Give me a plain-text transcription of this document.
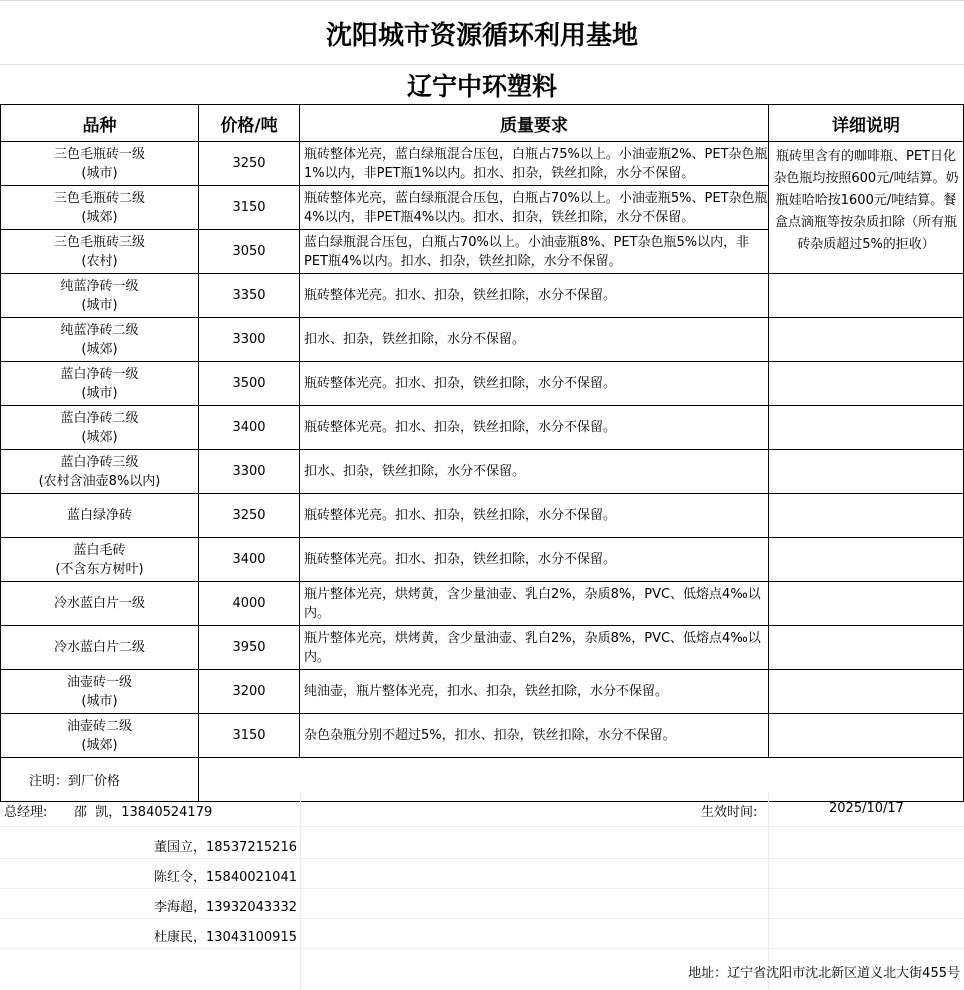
沈阳城市资源循环利用基地
辽宁中环塑料
品种	价格/吨	质量要求	详细说明

三色毛瓶砖一级
(城市)	3250	瓶砖整体光亮，蓝白绿瓶混合压包，白瓶占75%以上。小油壶瓶2%、PET杂色瓶1%以内，非PET瓶1%以内。扣水、扣杂，铁丝扣除，水分不保留。	瓶砖里含有的咖啡瓶、PET日化杂色瓶均按照600元/吨结算。奶瓶娃哈哈按1600元/吨结算。餐盒点滴瓶等按杂质扣除（所有瓶砖杂质超过5%的拒收）

三色毛瓶砖二级
(城郊)	3150	瓶砖整体光亮，蓝白绿瓶混合压包，白瓶占70%以上。小油壶瓶5%、PET杂色瓶4%以内，非PET瓶4%以内。扣水、扣杂，铁丝扣除，水分不保留。	

三色毛瓶砖三级
(农村)	3050	蓝白绿瓶混合压包，白瓶占70%以上。小油壶瓶8%、PET杂色瓶5%以内，非PET瓶4%以内。扣水、扣杂，铁丝扣除，水分不保留。	

纯蓝净砖一级
(城市)	3350	瓶砖整体光亮。扣水、扣杂，铁丝扣除，水分不保留。	

纯蓝净砖二级
(城郊)	3300	扣水、扣杂，铁丝扣除，水分不保留。	

蓝白净砖一级
(城市)	3500	瓶砖整体光亮。扣水、扣杂，铁丝扣除，水分不保留。	

蓝白净砖二级
(城郊)	3400	瓶砖整体光亮。扣水、扣杂，铁丝扣除，水分不保留。	

蓝白净砖三级
(农村含油壶8%以内)	3300	扣水、扣杂，铁丝扣除，水分不保留。	

蓝白绿净砖	3250	瓶砖整体光亮。扣水、扣杂，铁丝扣除，水分不保留。	

蓝白毛砖
(不含东方树叶)	3400	瓶砖整体光亮。扣水、扣杂，铁丝扣除，水分不保留。	

冷水蓝白片一级	4000	瓶片整体光亮，烘烤黄，含少量油壶、乳白2%，杂质8%，PVC、低熔点4‰以内。	

冷水蓝白片二级	3950	瓶片整体光亮，烘烤黄，含少量油壶、乳白2%，杂质8%，PVC、低熔点4‰以内。	

油壶砖一级
(城市)	3200	纯油壶，瓶片整体光亮，扣水、扣杂，铁丝扣除，水分不保留。	

油壶砖二级
(城郊)	3150	杂色杂瓶分别不超过5%，扣水、扣杂，铁丝扣除，水分不保留。	
注明：到厂价格			
总经理: 邵  凯，13840524179	生效时间:	2025/10/17
董国立，18537215216
陈红令，15840021041
李海超，13932043332
杜康民，13043100915
地址：辽宁省沈阳市沈北新区道义北大街455号
